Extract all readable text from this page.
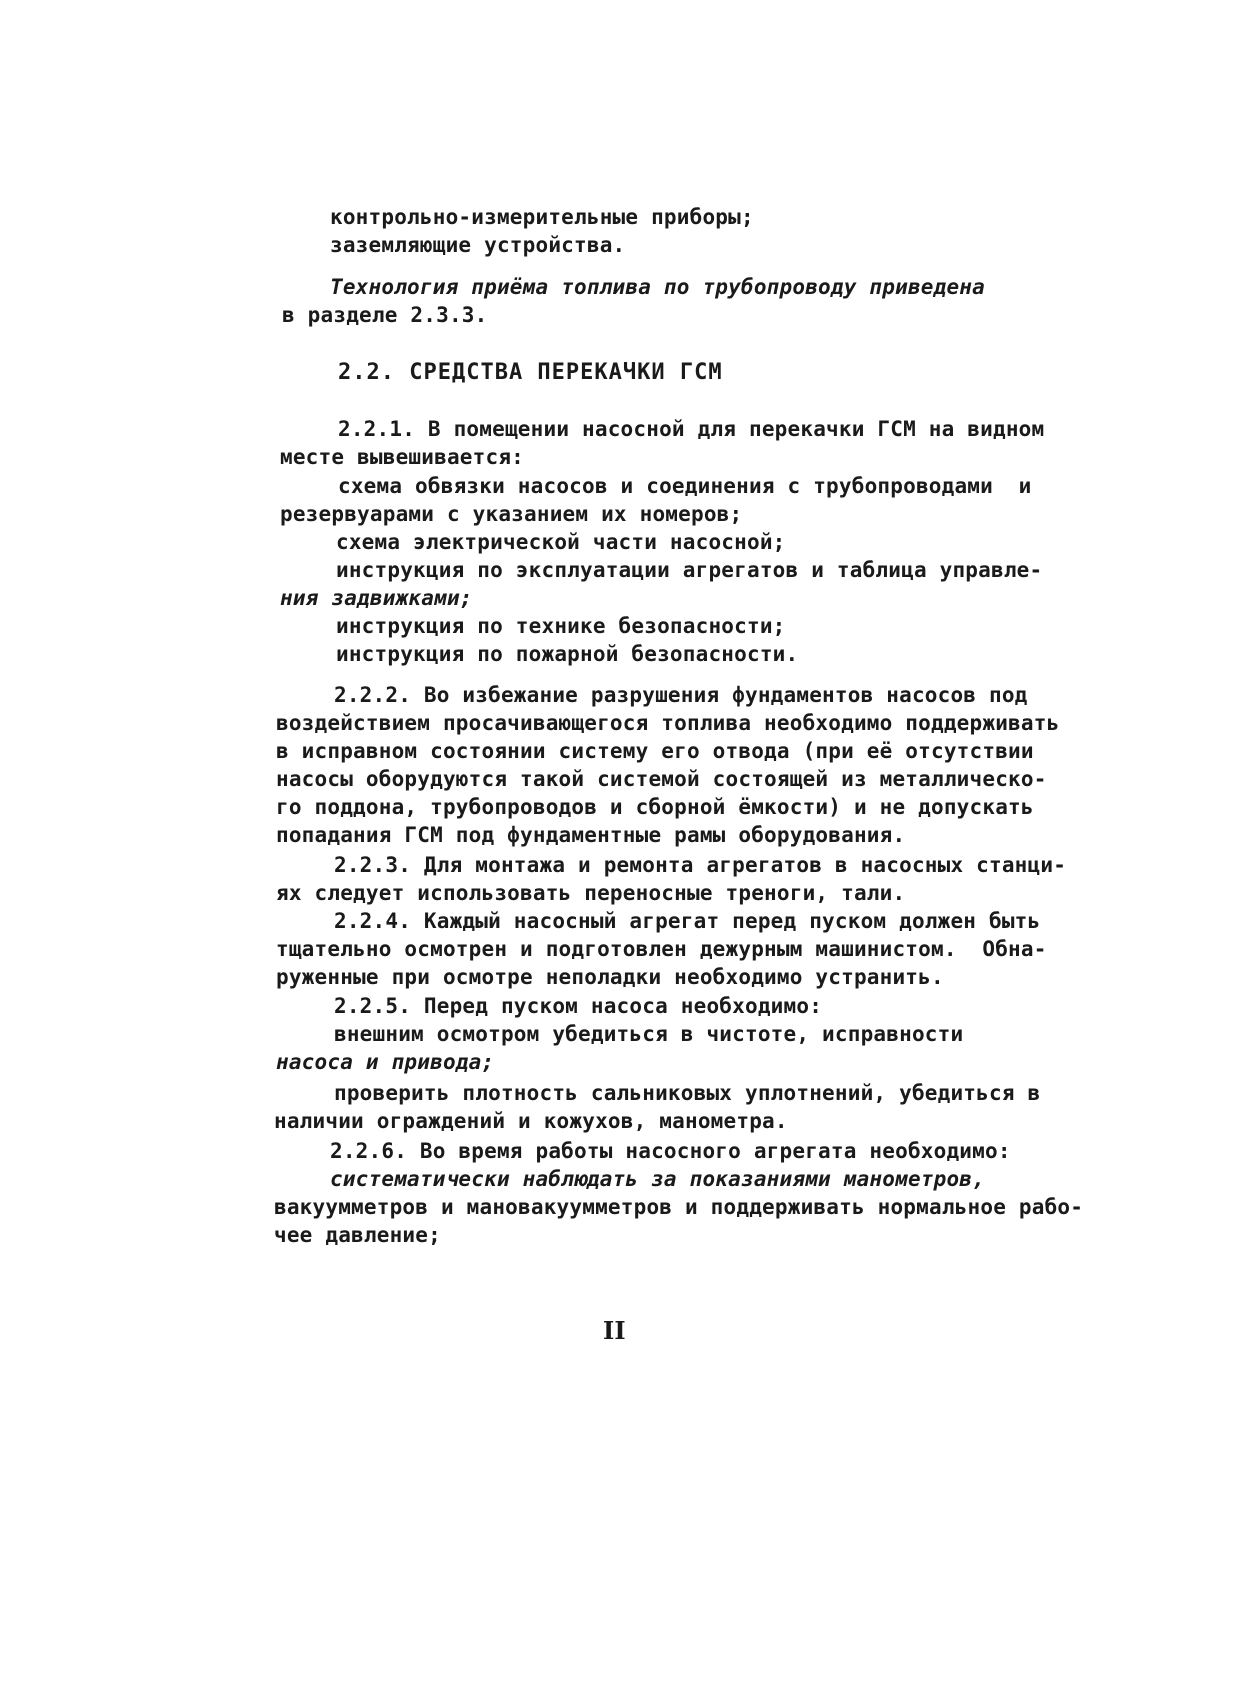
контрольно-измерительные приборы;
заземляющие устройства.
Технология приёма топлива по трубопроводу приведена
в разделе 2.3.3.
2.2. СРЕДСТВА ПЕРЕКАЧКИ ГСМ
2.2.1. В помещении насосной для перекачки ГСМ на видном
месте вывешивается:
схема обвязки насосов и соединения с трубопроводами  и
резервуарами с указанием их номеров;
схема электрической части насосной;
инструкция по эксплуатации агрегатов и таблица управле-
ния задвижками;
инструкция по технике безопасности;
инструкция по пожарной безопасности.
2.2.2. Во избежание разрушения фундаментов насосов под
воздействием просачивающегося топлива необходимо поддерживать
в исправном состоянии систему его отвода (при её отсутствии
насосы оборудуются такой системой состоящей из металлическо-
го поддона, трубопроводов и сборной ёмкости) и не допускать
попадания ГСМ под фундаментные рамы оборудования.
2.2.3. Для монтажа и ремонта агрегатов в насосных станци-
ях следует использовать переносные треноги, тали.
2.2.4. Каждый насосный агрегат перед пуском должен быть
тщательно осмотрен и подготовлен дежурным машинистом.  Обна-
руженные при осмотре неполадки необходимо устранить.
2.2.5. Перед пуском насоса необходимо:
внешним осмотром убедиться в чистоте, исправности
насоса и привода;
проверить плотность сальниковых уплотнений, убедиться в
наличии ограждений и кожухов, манометра.
2.2.6. Во время работы насосного агрегата необходимо:
систематически наблюдать за показаниями манометров,
вакуумметров и мановакуумметров и поддерживать нормальное рабо-
чее давление;
II
